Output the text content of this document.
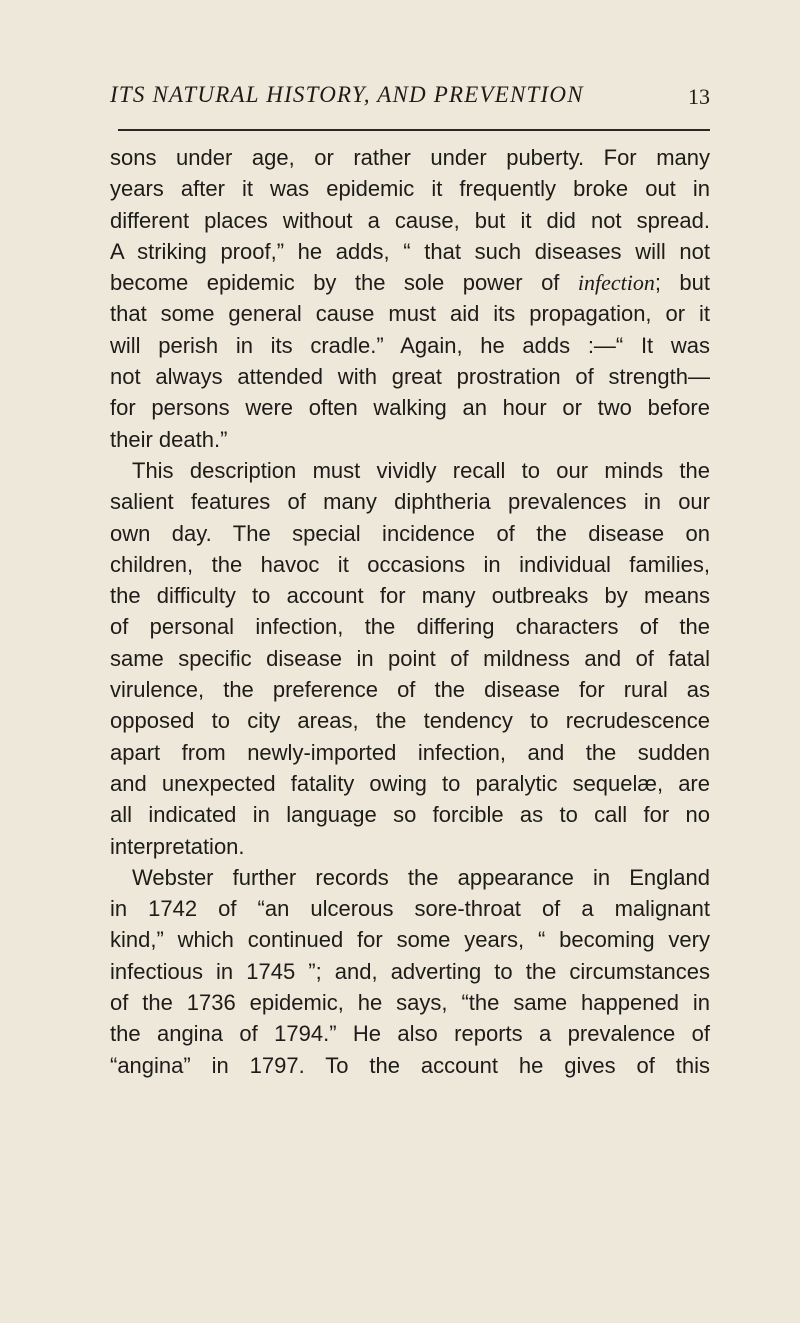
ITS NATURAL HISTORY, AND PREVENTION	13
sons under age, or rather under puberty. For many
years after it was epidemic it frequently broke out in
different places without a cause, but it did not spread.
A striking proof,” he adds, “ that such diseases will not
become epidemic by the sole power of infection; but
that some general cause must aid its propagation, or it
will perish in its cradle.” Again, he adds :—“ It was
not always attended with great prostration of strength—
for persons were often walking an hour or two before
their death.”
This description must vividly recall to our minds the
salient features of many diphtheria prevalences in our
own day. The special incidence of the disease on
children, the havoc it occasions in individual families,
the difficulty to account for many outbreaks by means
of personal infection, the differing characters of the
same specific disease in point of mildness and of fatal
virulence, the preference of the disease for rural as
opposed to city areas, the tendency to recrudescence
apart from newly-imported infection, and the sudden
and unexpected fatality owing to paralytic sequelæ, are
all indicated in language so forcible as to call for no
interpretation.
Webster further records the appearance in England
in 1742 of “an ulcerous sore-throat of a malignant
kind,” which continued for some years, “ becoming very
infectious in 1745 ”; and, adverting to the circumstances
of the 1736 epidemic, he says, “the same happened in
the angina of 1794.” He also reports a prevalence of
“angina” in 1797. To the account he gives of this
